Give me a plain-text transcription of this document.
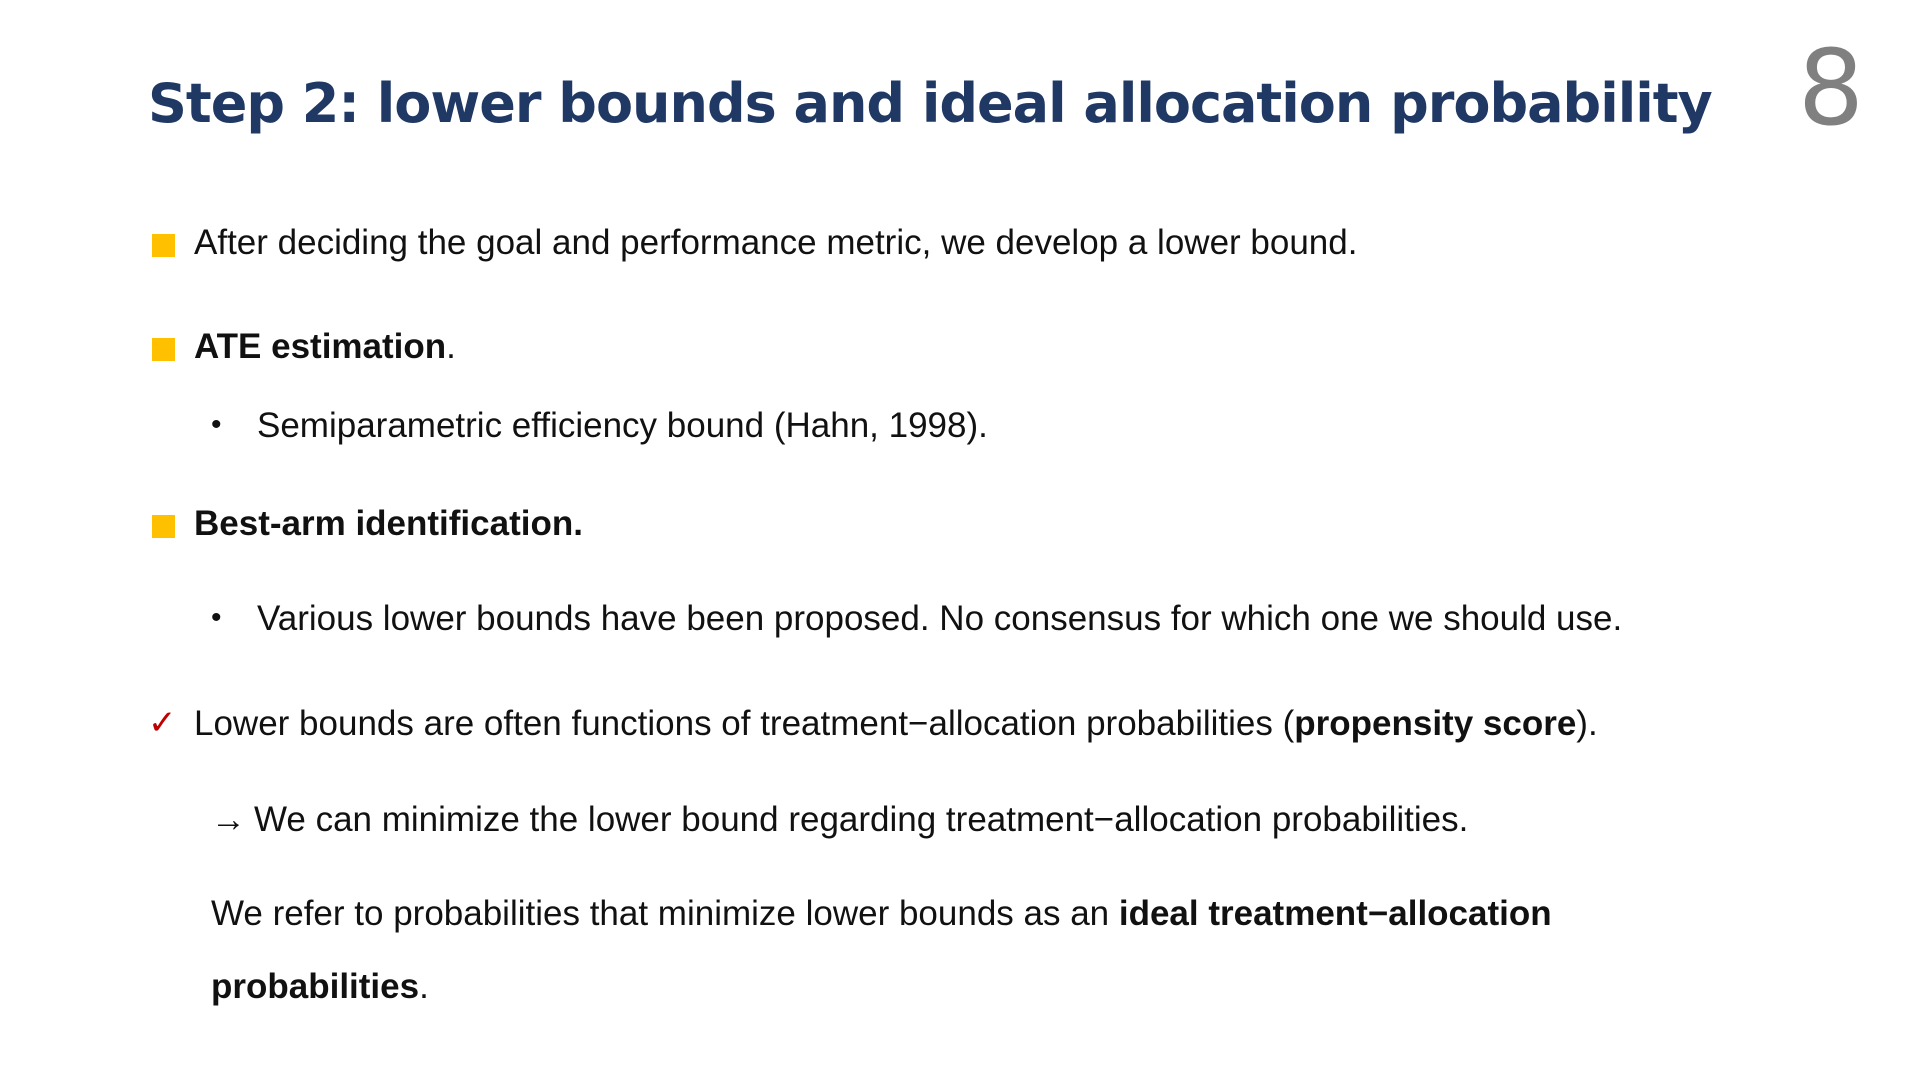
Step 2: lower bounds and ideal allocation probability 8
After deciding the goal and performance metric, we develop a lower bound.
ATE estimation.
• Semiparametric efficiency bound (Hahn, 1998).
Best-arm identification.
• Various lower bounds have been proposed. No consensus for which one we should use.
✓ Lower bounds are often functions of treatment−allocation probabilities (propensity score).
→ We can minimize the lower bound regarding treatment−allocation probabilities.
We refer to probabilities that minimize lower bounds as an ideal treatment−allocation
probabilities.
